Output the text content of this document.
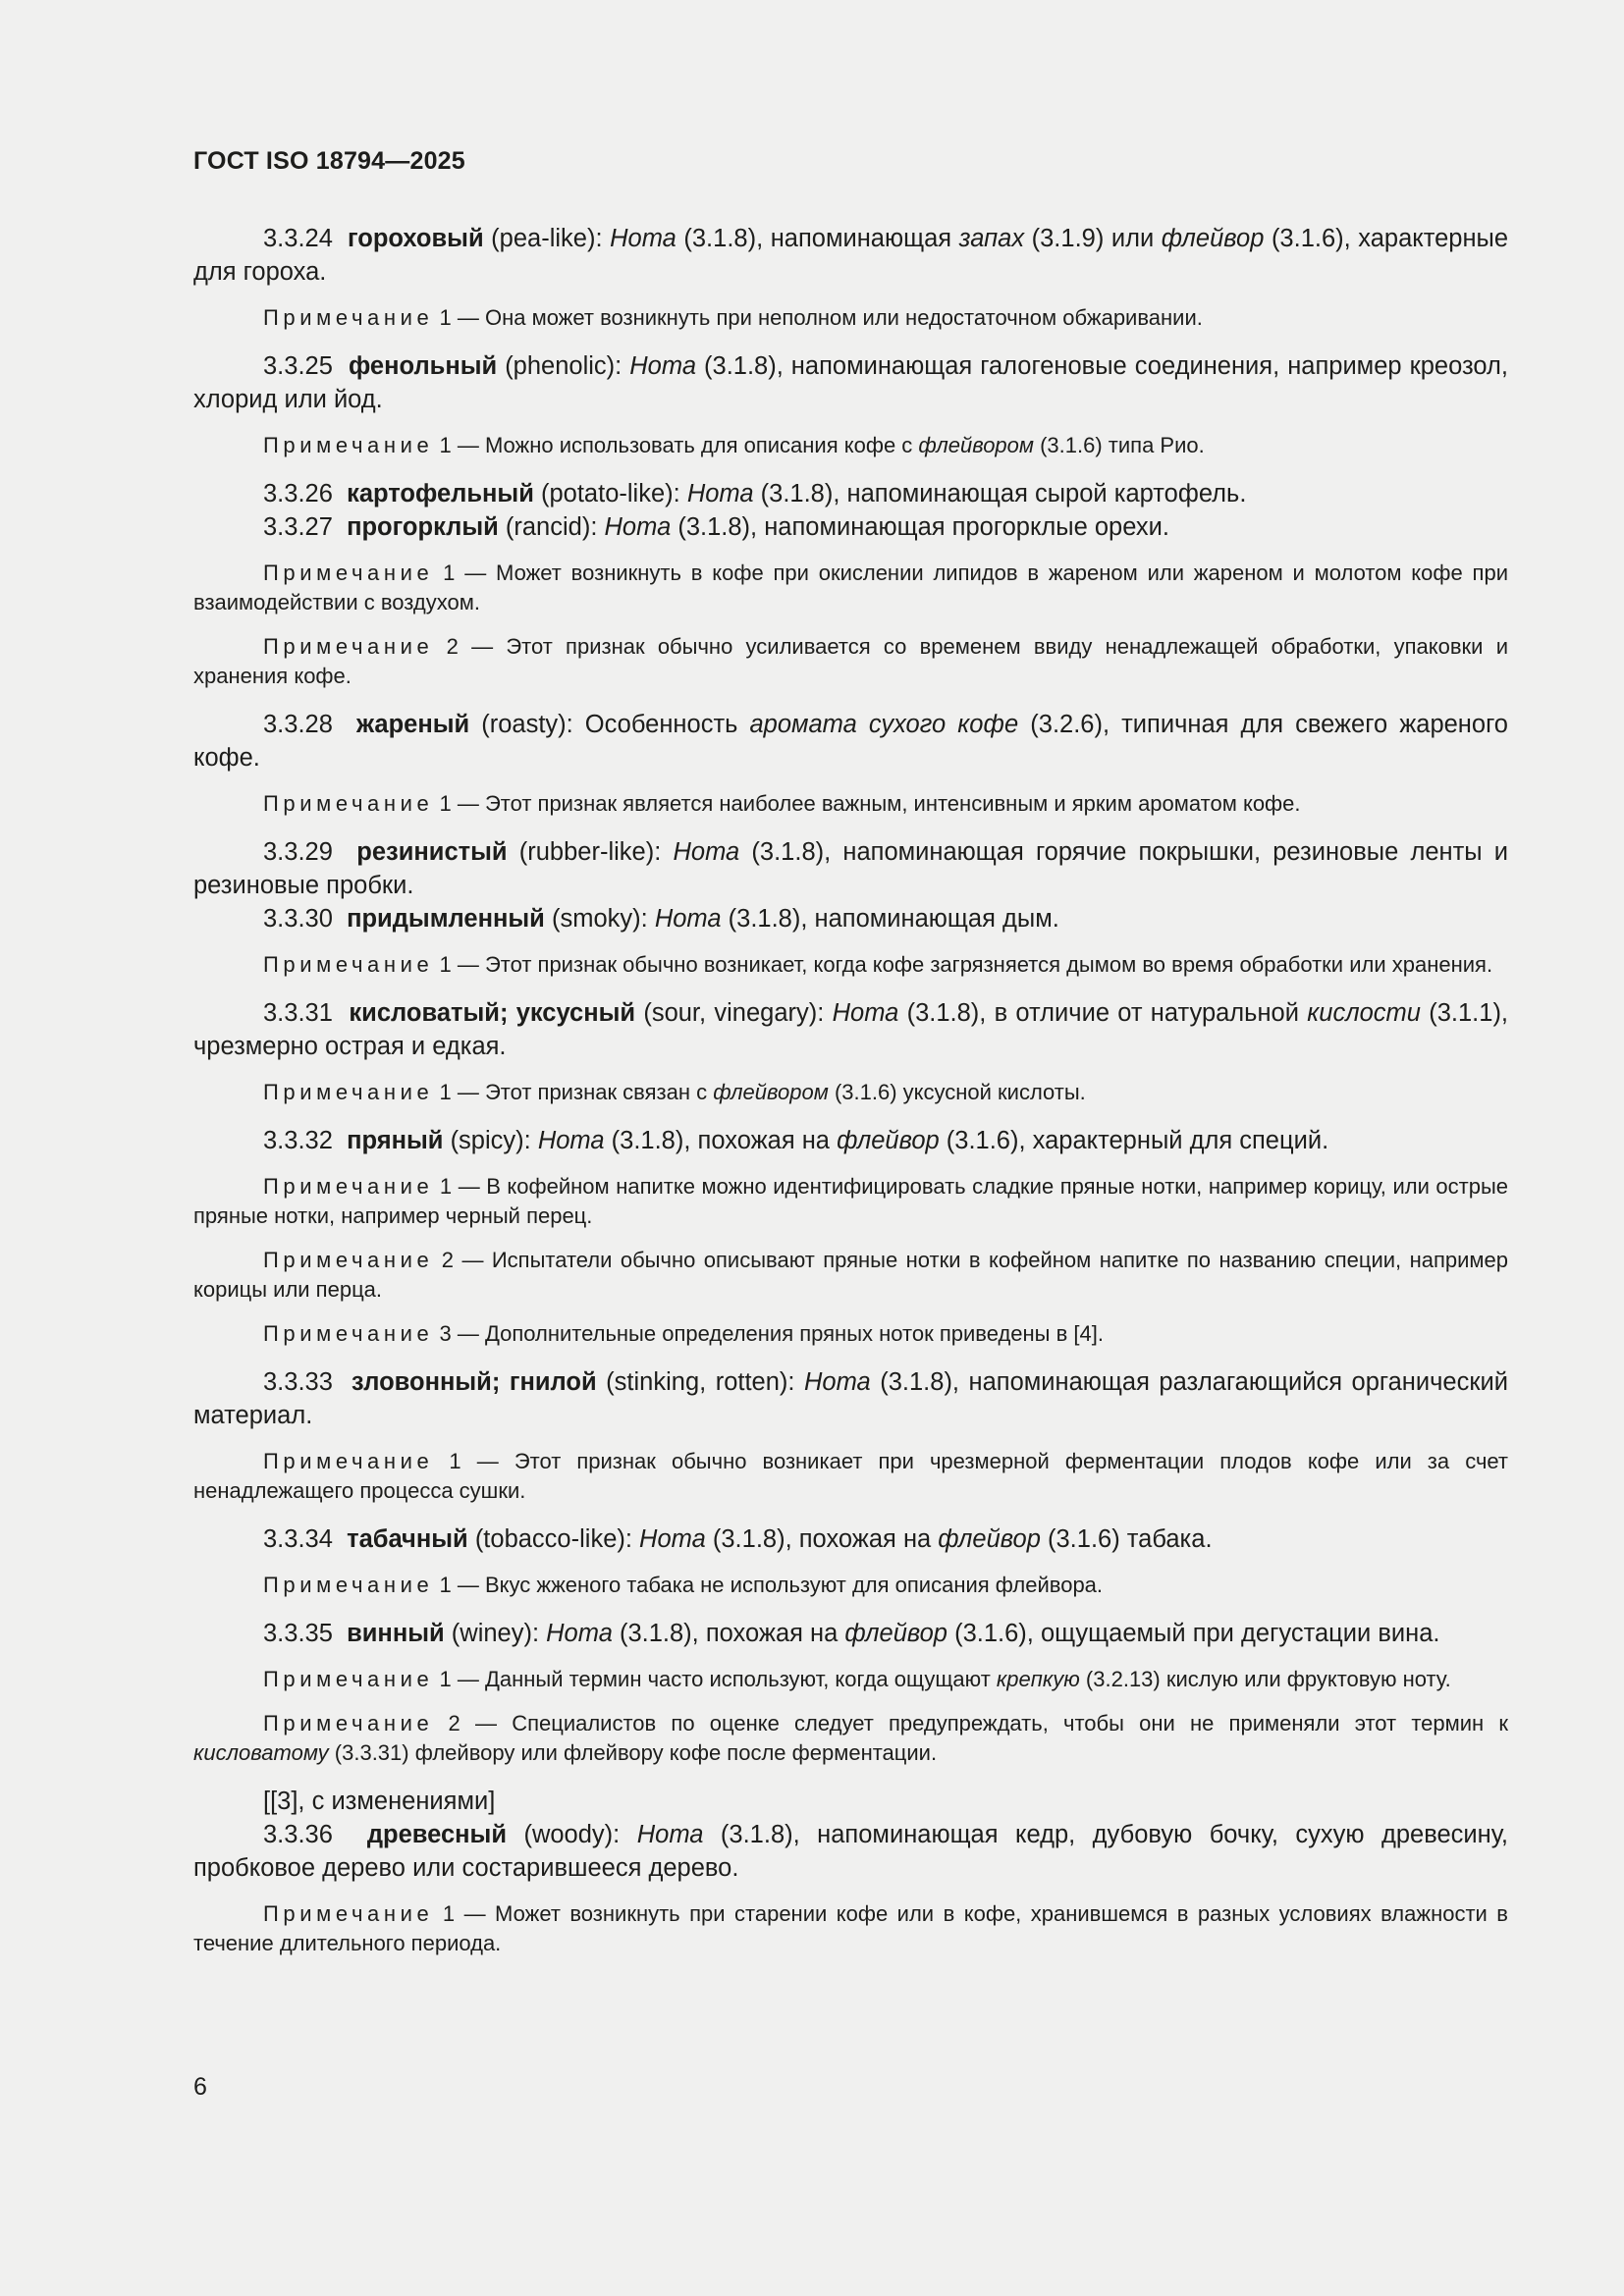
ГОСТ ISO 18794—2025

3.3.24 гороховый (pea-like): Нота (3.1.8), напоминающая запах (3.1.9) или флейвор (3.1.6), характерные для гороха.

Примечание 1 — Она может возникнуть при неполном или недостаточном обжаривании.

3.3.25 фенольный (phenolic): Нота (3.1.8), напоминающая галогеновые соединения, например креозол, хлорид или йод.

Примечание 1 — Можно использовать для описания кофе с флейвором (3.1.6) типа Рио.

3.3.26 картофельный (potato-like): Нота (3.1.8), напоминающая сырой картофель.

3.3.27 прогорклый (rancid): Нота (3.1.8), напоминающая прогорклые орехи.

Примечание 1 — Может возникнуть в кофе при окислении липидов в жареном или жареном и молотом кофе при взаимодействии с воздухом.

Примечание 2 — Этот признак обычно усиливается со временем ввиду ненадлежащей обработки, упаковки и хранения кофе.

3.3.28 жареный (roasty): Особенность аромата сухого кофе (3.2.6), типичная для свежего жареного кофе.

Примечание 1 — Этот признак является наиболее важным, интенсивным и ярким ароматом кофе.

3.3.29 резинистый (rubber-like): Нота (3.1.8), напоминающая горячие покрышки, резиновые ленты и резиновые пробки.

3.3.30 придымленный (smoky): Нота (3.1.8), напоминающая дым.

Примечание 1 — Этот признак обычно возникает, когда кофе загрязняется дымом во время обработки или хранения.

3.3.31 кисловатый; уксусный (sour, vinegary): Нота (3.1.8), в отличие от натуральной кислости (3.1.1), чрезмерно острая и едкая.

Примечание 1 — Этот признак связан с флейвором (3.1.6) уксусной кислоты.

3.3.32 пряный (spicy): Нота (3.1.8), похожая на флейвор (3.1.6), характерный для специй.

Примечание 1 — В кофейном напитке можно идентифицировать сладкие пряные нотки, например корицу, или острые пряные нотки, например черный перец.

Примечание 2 — Испытатели обычно описывают пряные нотки в кофейном напитке по названию специи, например корицы или перца.

Примечание 3 — Дополнительные определения пряных ноток приведены в [4].

3.3.33 зловонный; гнилой (stinking, rotten): Нота (3.1.8), напоминающая разлагающийся органический материал.

Примечание 1 — Этот признак обычно возникает при чрезмерной ферментации плодов кофе или за счет ненадлежащего процесса сушки.

3.3.34 табачный (tobacco-like): Нота (3.1.8), похожая на флейвор (3.1.6) табака.

Примечание 1 — Вкус жженого табака не используют для описания флейвора.

3.3.35 винный (winey): Нота (3.1.8), похожая на флейвор (3.1.6), ощущаемый при дегустации вина.

Примечание 1 — Данный термин часто используют, когда ощущают крепкую (3.2.13) кислую или фруктовую ноту.

Примечание 2 — Специалистов по оценке следует предупреждать, чтобы они не применяли этот термин к кисловатому (3.3.31) флейвору или флейвору кофе после ферментации.

[[3], с изменениями]

3.3.36 древесный (woody): Нота (3.1.8), напоминающая кедр, дубовую бочку, сухую древесину, пробковое дерево или состарившееся дерево.

Примечание 1 — Может возникнуть при старении кофе или в кофе, хранившемся в разных условиях влажности в течение длительного периода.

6
